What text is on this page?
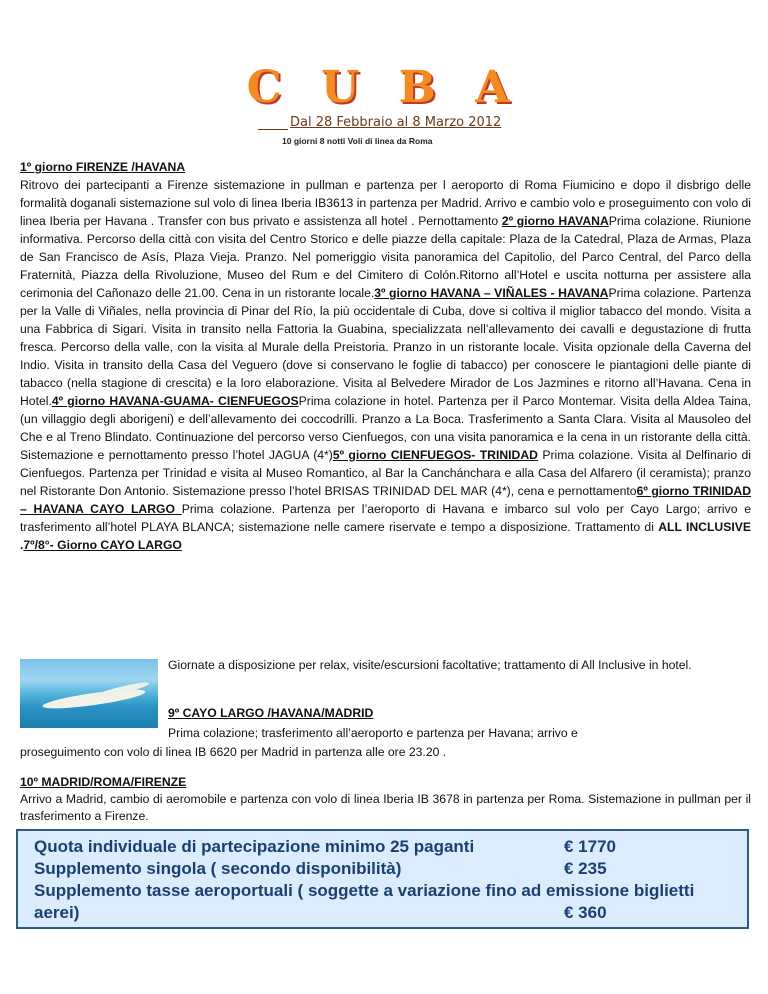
C U B A
Dal 28 Febbraio al 8 Marzo 2012
10 giorni 8 notti Voli di linea da Roma

1º giorno FIRENZE /HAVANA
Ritrovo dei partecipanti a Firenze sistemazione in pullman e partenza per l aeroporto di Roma Fiumicino e dopo il disbrigo delle formalità doganali sistemazione sul volo di linea Iberia IB3613 in partenza per Madrid. Arrivo e cambio volo e proseguimento con volo di linea Iberia per Havana . Transfer con bus privato e assistenza all hotel . Pernottamento 2º giorno HAVANAPrima colazione. Riunione informativa. Percorso della città con visita del Centro Storico e delle piazze della capitale: Plaza de la Catedral, Plaza de Armas, Plaza de San Francisco de Asís, Plaza Vieja. Pranzo. Nel pomeriggio visita panoramica del Capitolio, del Parco Central, del Parco della Fraternità, Piazza della Rivoluzione, Museo del Rum e del Cimitero di Colón.Ritorno all’Hotel e uscita notturna per assistere alla cerimonia del Cañonazo delle 21.00. Cena in un ristorante locale.3º giorno HAVANA – VIÑALES - HAVANAPrima colazione. Partenza per la Valle di Viñales, nella provincia di Pinar del Río, la più occidentale di Cuba, dove si coltiva il miglior tabacco del mondo. Visita a una Fabbrica di Sigari. Visita in transito nella Fattoria la Guabina, specializzata nell’allevamento dei cavalli e degustazione di frutta fresca. Percorso della valle, con la visita al Murale della Preistoria. Pranzo in un ristorante locale. Visita opzionale della Caverna del Indio. Visita in transito della Casa del Veguero (dove si conservano le foglie di tabacco) per conoscere le piantagioni delle piante di tabacco (nella stagione di crescita) e la loro elaborazione. Visita al Belvedere Mirador de Los Jazmines e ritorno all’Havana. Cena in Hotel.4º giorno HAVANA-GUAMA- CIENFUEGOSPrima colazione in hotel. Partenza per il Parco Montemar. Visita della Aldea Taina, (un villaggio degli aborigeni) e dell’allevamento dei coccodrilli. Pranzo a La Boca. Trasferimento a Santa Clara. Visita al Mausoleo del Che e al Treno Blindato. Continuazione del percorso verso Cienfuegos, con una visita panoramica e la cena in un ristorante della città. Sistemazione e pernottamento presso l’hotel JAGUA (4*)5º giorno CIENFUEGOS- TRINIDAD Prima colazione. Visita al Delfinario di Cienfuegos. Partenza per Trinidad e visita al Museo Romantico, al Bar la Canchánchara e alla Casa del Alfarero (il ceramista); pranzo nel Ristorante Don Antonio. Sistemazione presso l’hotel BRISAS TRINIDAD DEL MAR (4*), cena e pernottamento6º giorno TRINIDAD – HAVANA CAYO LARGO Prima colazione. Partenza per l’aeroporto di Havana e imbarco sul volo per Cayo Largo; arrivo e trasferimento all’hotel PLAYA BLANCA; sistemazione nelle camere riservate e tempo a disposizione. Trattamento di ALL INCLUSIVE .7º/8°- Giorno CAYO LARGO

Giornate a disposizione per relax, visite/escursioni facoltative; trattamento di All Inclusive in hotel.
9º CAYO LARGO /HAVANA/MADRID
Prima colazione; trasferimento all’aeroporto e partenza per Havana; arrivo e
proseguimento con volo di linea IB 6620 per Madrid in partenza alle ore 23.20 .

10º MADRID/ROMA/FIRENZE

Arrivo a Madrid, cambio di aeromobile e partenza con volo di linea Iberia IB 3678 in partenza per Roma. Sistemazione in pullman per il trasferimento a Firenze.

Quota individuale di partecipazione minimo 25 paganti	€ 1770
Supplemento singola ( secondo disponibilità)	€ 235
Supplemento tasse aeroportuali ( soggette a variazione fino ad emissione biglietti
aerei)	€ 360
